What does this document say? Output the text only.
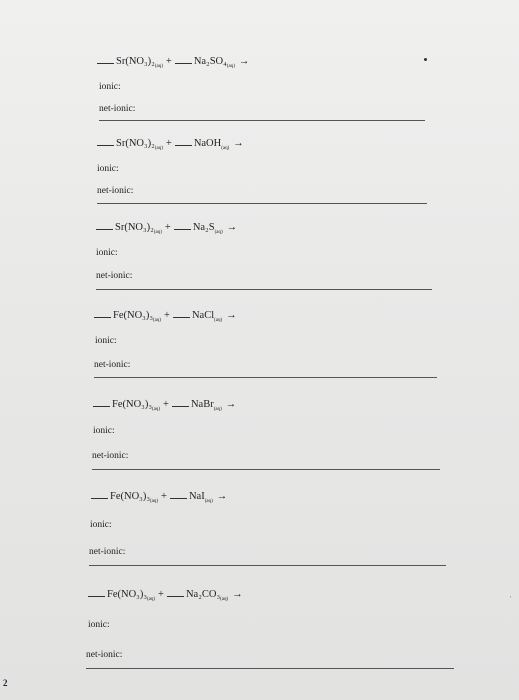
'
$Sr(NO_3)_2_{(aq)} + Na_2SO_4_{(aq)}$ →
ionic:
net-ionic:
$Sr(NO_3)_2_{(aq)}$ + NaOH$_{(aq)}$ →
ionic:
net-ionic:
$Sr(NO_3)_2_{(aq)} + Na_2S_{(aq)}$ →
ionic:
net-ionic:
$Fe(NO_3)_3_{(aq)}$ + NaCl$_{(aq)}$ →
ionic:
net-ionic:
$Fe(NO_3)_3_{(aq)}$ + NaBr$_{(aq)}$ →
ionic:
net-ionic:
$Fe(NO_3)_3_{(aq)} + NaI_{(aq)}$ →
ionic:
net-ionic:
$Fe(NO_3)_3_{(aq)} + Na_2CO_3_{(aq)}$ →
ionic:
net-ionic:
2
